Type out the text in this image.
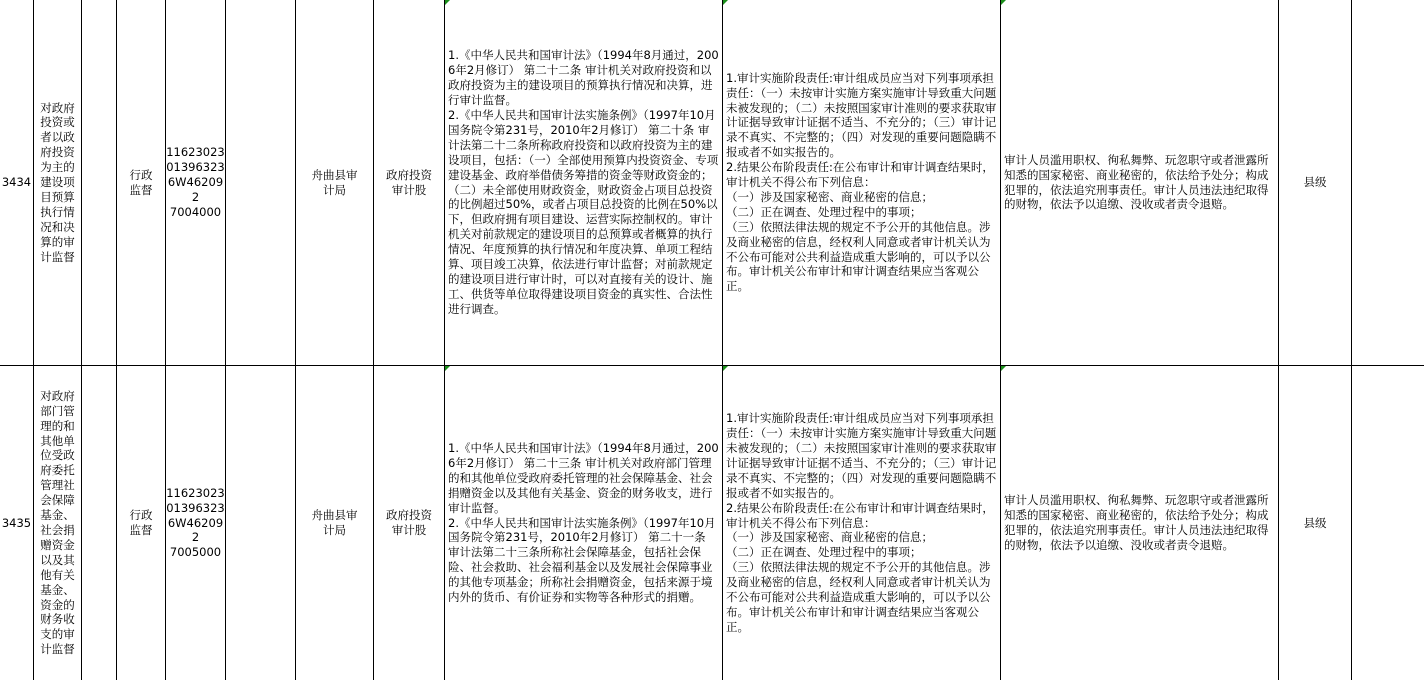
3434
对政府
投资或
者以政
府投资
为主的
建设项
目预算
执行情
况和决
算的审
计监督
行政
监督
11623023
01396323
6W462092
7004000
舟曲县审
计局
政府投资
审计股
1.《中华人民共和国审计法》（1994年8月通过，2006年2月修订） 第二十二条 审计机关对政府投资和以政府投资为主的建设项目的预算执行情况和决算，进行审计监督。
2.《中华人民共和国审计法实施条例》（1997年10月国务院令第231号，2010年2月修订） 第二十条 审计法第二十二条所称政府投资和以政府投资为主的建设项目，包括：（一）全部使用预算内投资资金、专项建设基金、政府举借债务筹措的资金等财政资金的；（二）未全部使用财政资金，财政资金占项目总投资的比例超过50%，或者占项目总投资的比例在50%以下，但政府拥有项目建设、运营实际控制权的。审计机关对前款规定的建设项目的总预算或者概算的执行情况、年度预算的执行情况和年度决算、单项工程结算、项目竣工决算，依法进行审计监督；对前款规定的建设项目进行审计时，可以对直接有关的设计、施工、供货等单位取得建设项目资金的真实性、合法性进行调查。
1.审计实施阶段责任:审计组成员应当对下列事项承担责任：（一）未按审计实施方案实施审计导致重大问题未被发现的；（二）未按照国家审计准则的要求获取审计证据导致审计证据不适当、不充分的；（三）审计记录不真实、不完整的；（四）对发现的重要问题隐瞒不报或者不如实报告的。
2.结果公布阶段责任:在公布审计和审计调查结果时，审计机关不得公布下列信息：
（一）涉及国家秘密、商业秘密的信息；
（二）正在调查、处理过程中的事项；
（三）依照法律法规的规定不予公开的其他信息。涉及商业秘密的信息，经权利人同意或者审计机关认为不公布可能对公共利益造成重大影响的，可以予以公布。审计机关公布审计和审计调查结果应当客观公正。
审计人员滥用职权、徇私舞弊、玩忽职守或者泄露所知悉的国家秘密、商业秘密的，依法给予处分；构成犯罪的，依法追究刑事责任。审计人员违法违纪取得的财物，依法予以追缴、没收或者责令退赔。
县级
3435
对政府
部门管
理的和
其他单
位受政
府委托
管理社
会保障
基金、
社会捐
赠资金
以及其
他有关
基金、
资金的
财务收
支的审
计监督
行政
监督
11623023
01396323
6W462092
7005000
舟曲县审
计局
政府投资
审计股
1.《中华人民共和国审计法》（1994年8月通过，2006年2月修订） 第二十三条 审计机关对政府部门管理的和其他单位受政府委托管理的社会保障基金、社会捐赠资金以及其他有关基金、资金的财务收支，进行审计监督。
2.《中华人民共和国审计法实施条例》（1997年10月国务院令第231号，2010年2月修订） 第二十一条 审计法第二十三条所称社会保障基金，包括社会保险、社会救助、社会福利基金以及发展社会保障事业的其他专项基金；所称社会捐赠资金，包括来源于境内外的货币、有价证券和实物等各种形式的捐赠。
1.审计实施阶段责任:审计组成员应当对下列事项承担责任：（一）未按审计实施方案实施审计导致重大问题未被发现的；（二）未按照国家审计准则的要求获取审计证据导致审计证据不适当、不充分的；（三）审计记录不真实、不完整的；（四）对发现的重要问题隐瞒不报或者不如实报告的。
2.结果公布阶段责任:在公布审计和审计调查结果时，审计机关不得公布下列信息：
（一）涉及国家秘密、商业秘密的信息；
（二）正在调查、处理过程中的事项；
（三）依照法律法规的规定不予公开的其他信息。涉及商业秘密的信息，经权利人同意或者审计机关认为不公布可能对公共利益造成重大影响的，可以予以公布。审计机关公布审计和审计调查结果应当客观公正。
审计人员滥用职权、徇私舞弊、玩忽职守或者泄露所知悉的国家秘密、商业秘密的，依法给予处分；构成犯罪的，依法追究刑事责任。审计人员违法违纪取得的财物，依法予以追缴、没收或者责令退赔。
县级
